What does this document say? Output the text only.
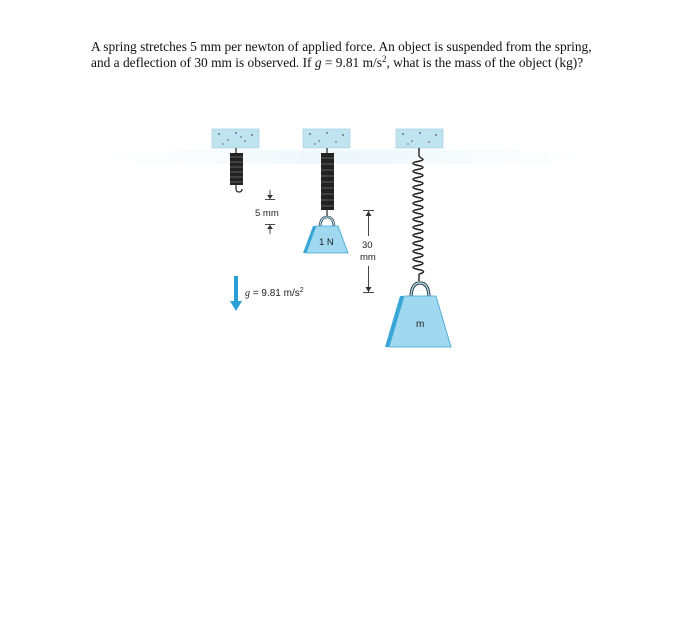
A spring stretches 5 mm per newton of applied force. An object is suspended from the spring, and a deflection of 30 mm is observed. If g = 9.81 $m/s^2$, what is the mass of the object (kg)?
5 mm
g = 9.81 $m/s^2$
1 N	30
mm
m
